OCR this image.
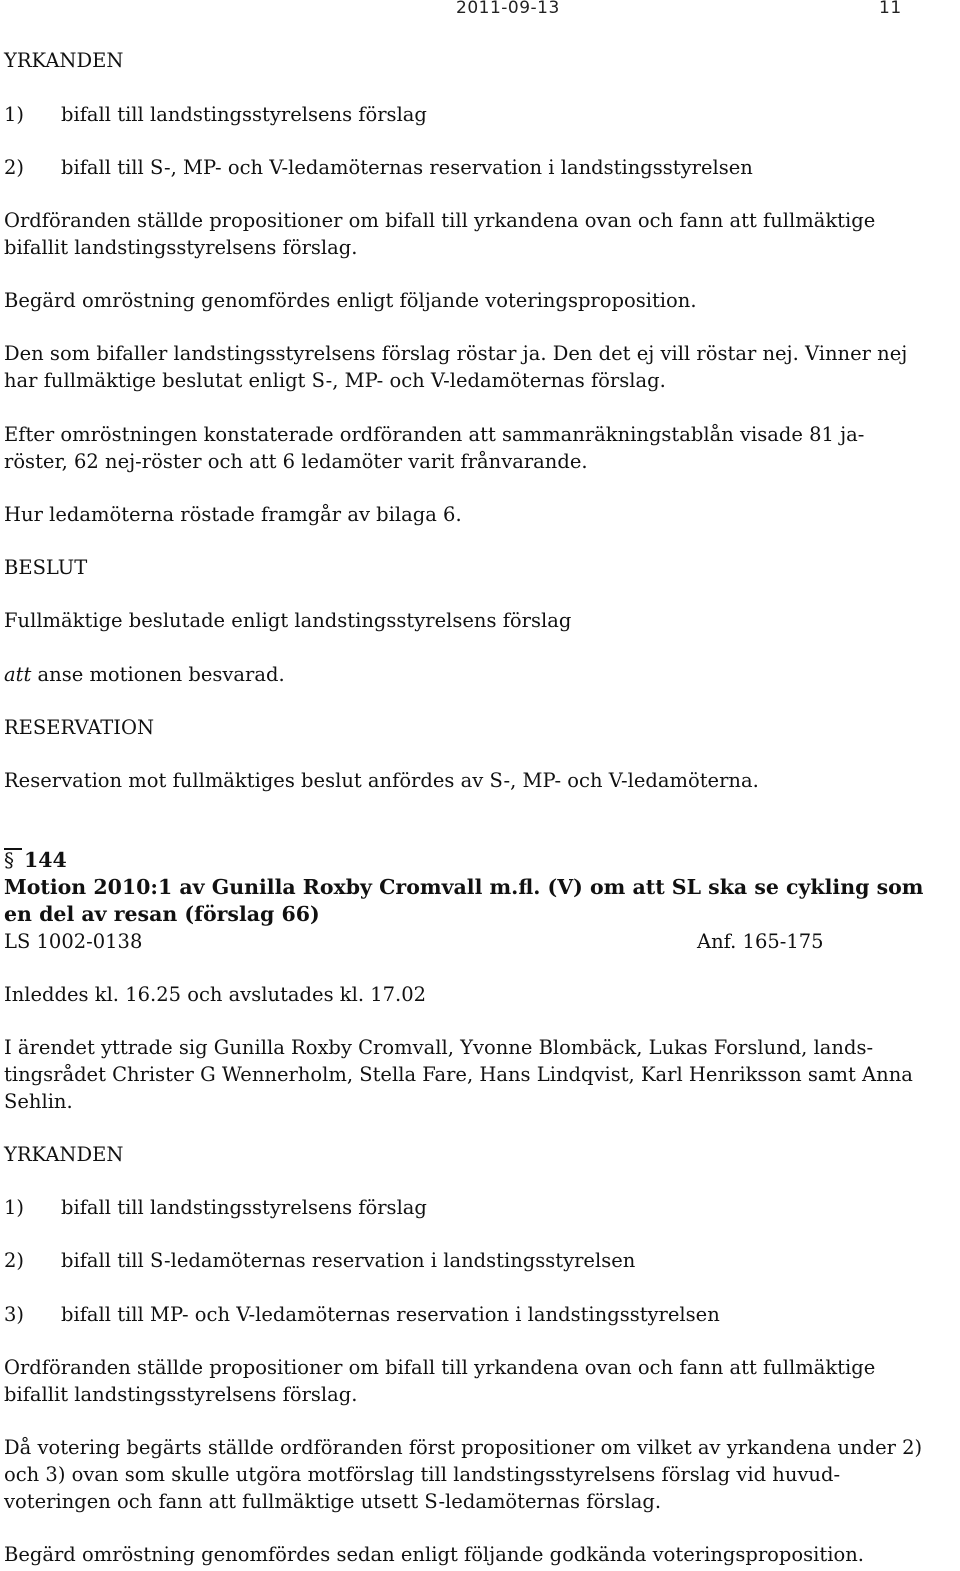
2011-09-13	11
YRKANDEN
1) bifall till landstingsstyrelsens förslag
2) bifall till S-, MP- och V-ledamöternas reservation i landstingsstyrelsen
Ordföranden ställde propositioner om bifall till yrkandena ovan och fann att fullmäktige
bifallit landstingsstyrelsens förslag.
Begärd omröstning genomfördes enligt följande voteringsproposition.
Den som bifaller landstingsstyrelsens förslag röstar ja. Den det ej vill röstar nej. Vinner nej
har fullmäktige beslutat enligt S-, MP- och V-ledamöternas förslag.
Efter omröstningen konstaterade ordföranden att sammanräkningstablån visade 81 ja-
röster, 62 nej-röster och att 6 ledamöter varit frånvarande.
Hur ledamöterna röstade framgår av bilaga 6.
BESLUT
Fullmäktige beslutade enligt landstingsstyrelsens förslag
att anse motionen besvarad.
RESERVATION
Reservation mot fullmäktiges beslut anfördes av S-, MP- och V-ledamöterna.
§144
Motion 2010:1 av Gunilla Roxby Cromvall m.fl. (V) om att SL ska se cykling som
en del av resan (förslag 66)
LS 1002-0138	Anf. 165-175
Inleddes kl. 16.25 och avslutades kl. 17.02
I ärendet yttrade sig Gunilla Roxby Cromvall, Yvonne Blombäck, Lukas Forslund, lands-
tingsrådet Christer G Wennerholm, Stella Fare, Hans Lindqvist, Karl Henriksson samt Anna
Sehlin.
YRKANDEN
1) bifall till landstingsstyrelsens förslag
2) bifall till S-ledamöternas reservation i landstingsstyrelsen
3) bifall till MP- och V-ledamöternas reservation i landstingsstyrelsen
Ordföranden ställde propositioner om bifall till yrkandena ovan och fann att fullmäktige
bifallit landstingsstyrelsens förslag.
Då votering begärts ställde ordföranden först propositioner om vilket av yrkandena under 2)
och 3) ovan som skulle utgöra motförslag till landstingsstyrelsens förslag vid huvud-
voteringen och fann att fullmäktige utsett S-ledamöternas förslag.
Begärd omröstning genomfördes sedan enligt följande godkända voteringsproposition.
